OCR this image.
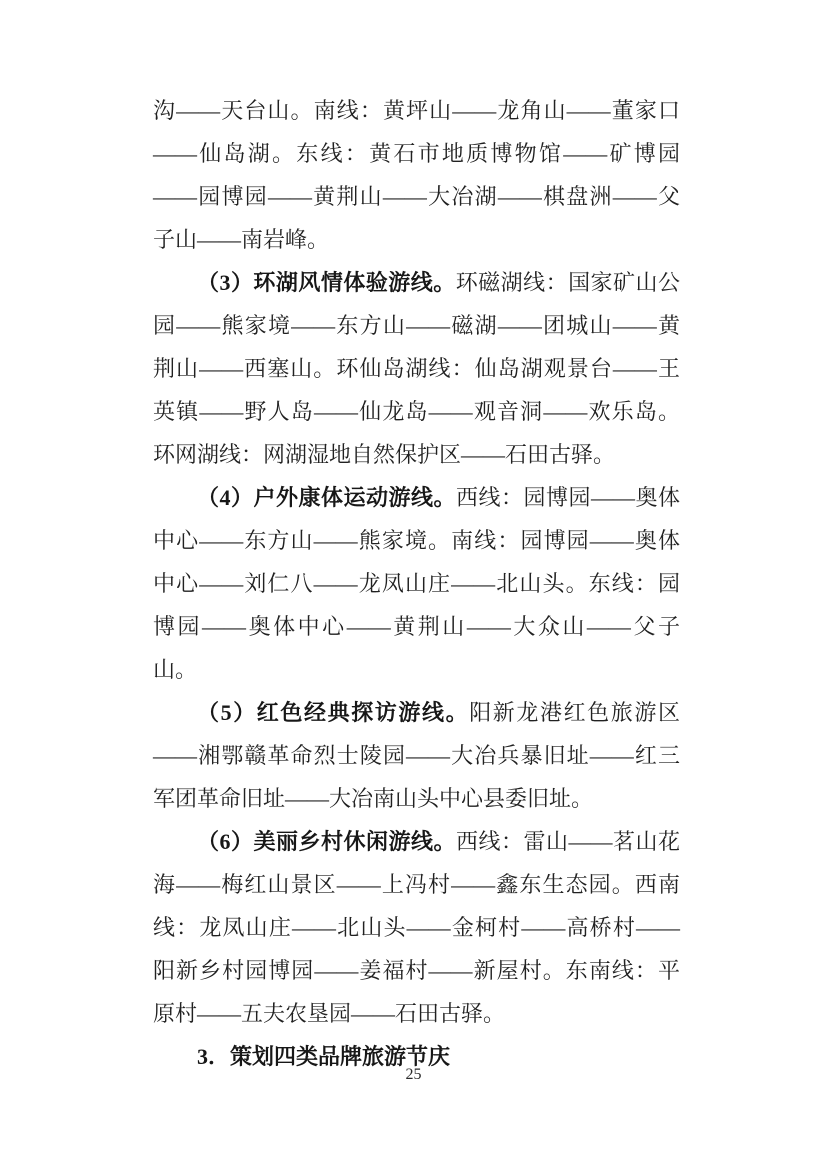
沟——天台山。南线：黄坪山——龙角山——董家口——仙岛湖。东线：黄石市地质博物馆——矿博园——园博园——黄荆山——大冶湖——棋盘洲——父子山——南岩峰。

（3）环湖风情体验游线。环磁湖线：国家矿山公园——熊家境——东方山——磁湖——团城山——黄荆山——西塞山。环仙岛湖线：仙岛湖观景台——王英镇——野人岛——仙龙岛——观音洞——欢乐岛。环网湖线：网湖湿地自然保护区——石田古驿。

（4）户外康体运动游线。西线：园博园——奥体中心——东方山——熊家境。南线：园博园——奥体中心——刘仁八——龙凤山庄——北山头。东线：园博园——奥体中心——黄荆山——大众山——父子山。

（5）红色经典探访游线。阳新龙港红色旅游区——湘鄂赣革命烈士陵园——大冶兵暴旧址——红三军团革命旧址——大冶南山头中心县委旧址。

（6）美丽乡村休闲游线。西线：雷山——茗山花海——梅红山景区——上冯村——鑫东生态园。西南线：龙凤山庄——北山头——金柯村——高桥村——阳新乡村园博园——姜福村——新屋村。东南线：平原村——五夫农垦园——石田古驿。

3．策划四类品牌旅游节庆

25
